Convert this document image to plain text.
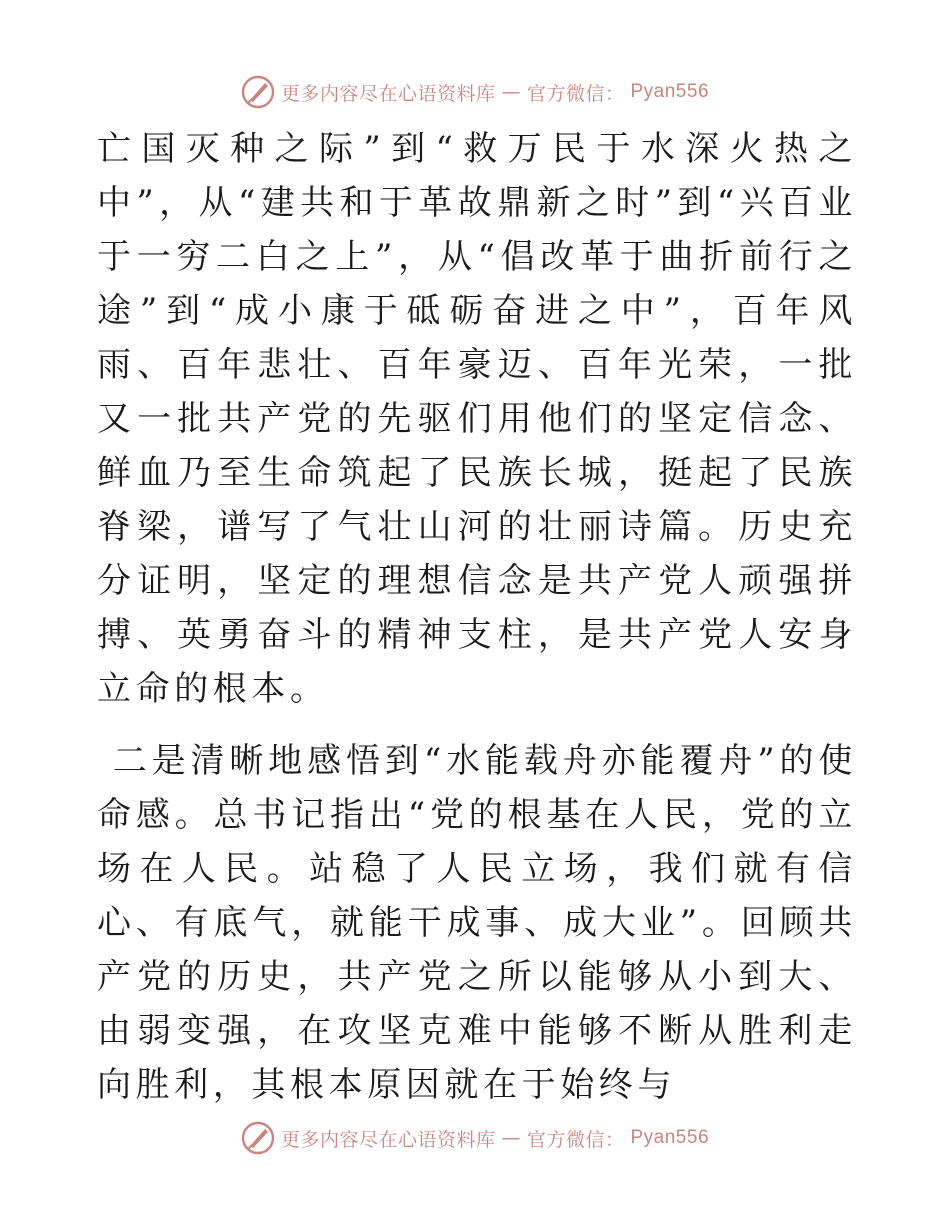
更多内容尽在心语资料库 — 官方微信： Pyan556

亡国灭种之际”到“救万民于水深火热之中”，从“建共和于革故鼎新之时”到“兴百业于一穷二白之上”，从“倡改革于曲折前行之途”到“成小康于砥砺奋进之中”，百年风雨、百年悲壮、百年豪迈、百年光荣，一批又一批共产党的先驱们用他们的坚定信念、鲜血乃至生命筑起了民族长城，挺起了民族脊梁，谱写了气壮山河的壮丽诗篇。历史充分证明，坚定的理想信念是共产党人顽强拼搏、英勇奋斗的精神支柱，是共产党人安身立命的根本。

二是清晰地感悟到“水能载舟亦能覆舟”的使命感。总书记指出“党的根基在人民，党的立场在人民。站稳了人民立场，我们就有信心、有底气，就能干成事、成大业”。回顾共产党的历史，共产党之所以能够从小到大、由弱变强，在攻坚克难中能够不断从胜利走向胜利，其根本原因就在于始终与

更多内容尽在心语资料库 — 官方微信： Pyan556
